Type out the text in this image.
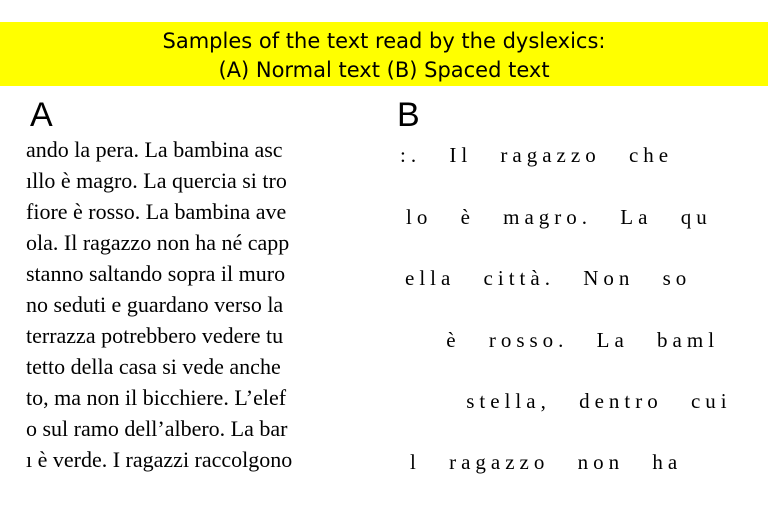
Samples of the text read by the dyslexics:
(A) Normal text (B) Spaced text
A	B
ando la pera. La bambina asc
ıllo è magro. La quercia si tro
fiore è rosso. La bambina ave
ola. Il ragazzo non ha né capp
stanno saltando sopra il muro
no seduti e guardano verso la
terrazza potrebbero vedere tu
tetto della casa si vede anche
to, ma non il bicchiere. L’elef
o sul ramo dell’albero. La bar
ı è verde. I ragazzi raccolgono
:. Il ragazzo che
lo è magro. La qu
ella città. Non so
è rosso. La baml
stella, dentro cui
l ragazzo non ha
